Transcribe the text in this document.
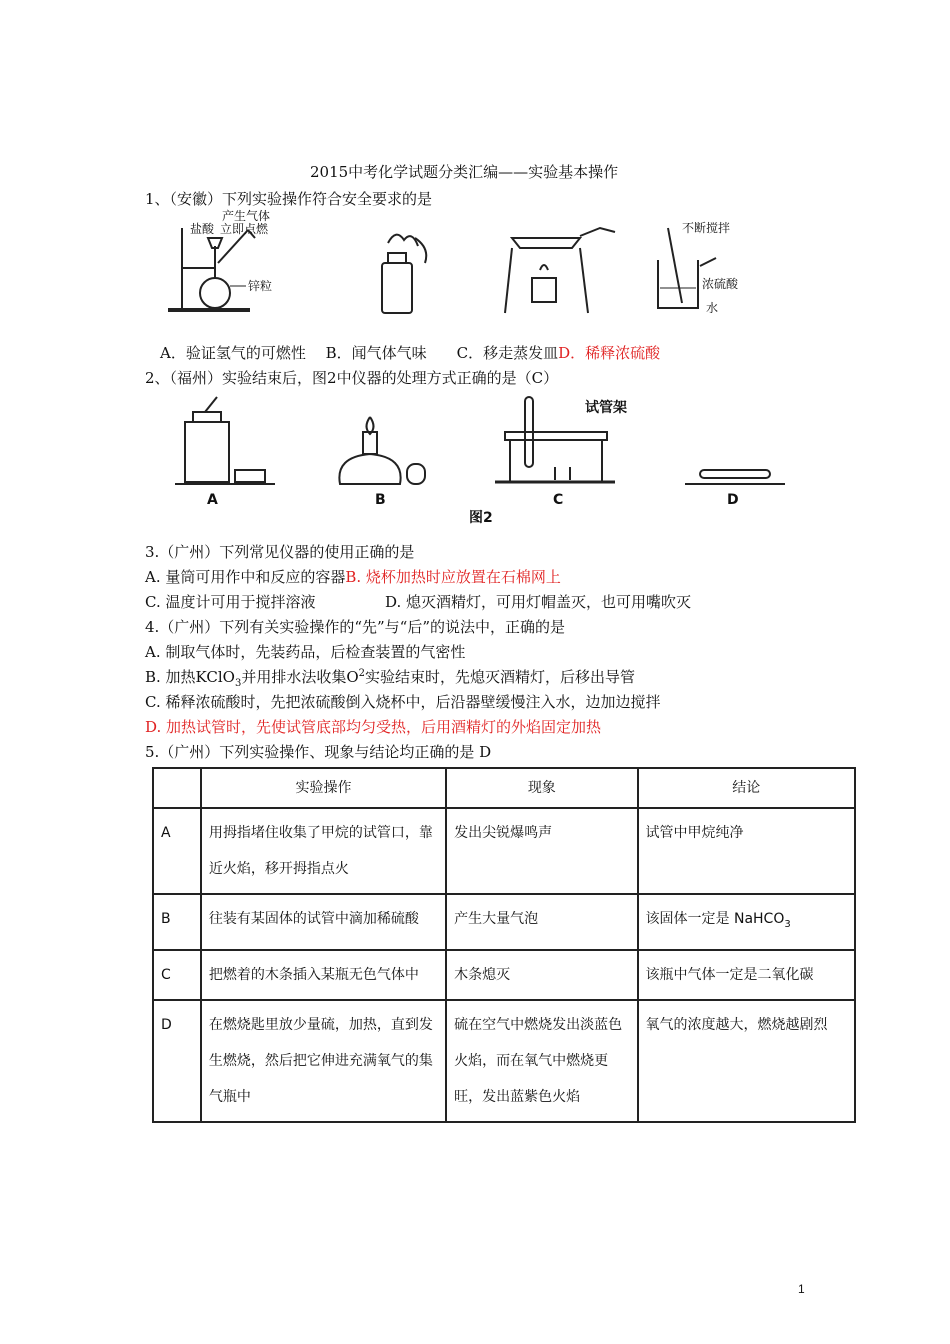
2015中考化学试题分类汇编——实验基本操作
1、（安徽）下列实验操作符合安全要求的是
产生气体
立即点燃
盐酸
锌粒
不断搅拌
浓硫酸
水
A．验证氢气的可燃性　 B．闻气体气味　　C．移走蒸发皿D．稀释浓硫酸
2、（福州）实验结束后，图2中仪器的处理方式正确的是（C）
A	B
试管架
C	D
图2
3.（广州）下列常见仪器的使用正确的是
A. 量筒可用作中和反应的容器B. 烧杯加热时应放置在石棉网上
C. 温度计可用于搅拌溶液	D. 熄灭酒精灯，可用灯帽盖灭，也可用嘴吹灭
4.（广州）下列有关实验操作的“先”与“后”的说法中，正确的是
A. 制取气体时，先装药品，后检查装置的气密性
B. 加热KClO$_3$并用排水法收集$O^2$实验结束时，先熄灭酒精灯，后移出导管
C. 稀释浓硫酸时，先把浓硫酸倒入烧杯中，后沿器壁缓慢注入水，边加边搅拌
D. 加热试管时，先使试管底部均匀受热，后用酒精灯的外焰固定加热
5.（广州）下列实验操作、现象与结论均正确的是 D
	实验操作	现象	结论
A	用拇指堵住收集了甲烷的试管口，靠近火焰，移开拇指点火	发出尖锐爆鸣声	试管中甲烷纯净
B	往装有某固体的试管中滴加稀硫酸	产生大量气泡	该固体一定是 NaHCO$_3$
C	把燃着的木条插入某瓶无色气体中	木条熄灭	该瓶中气体一定是二氧化碳
D	在燃烧匙里放少量硫，加热，直到发生燃烧，然后把它伸进充满氧气的集气瓶中	硫在空气中燃烧发出淡蓝色火焰，而在氧气中燃烧更旺，发出蓝紫色火焰	氧气的浓度越大，燃烧越剧烈
1
